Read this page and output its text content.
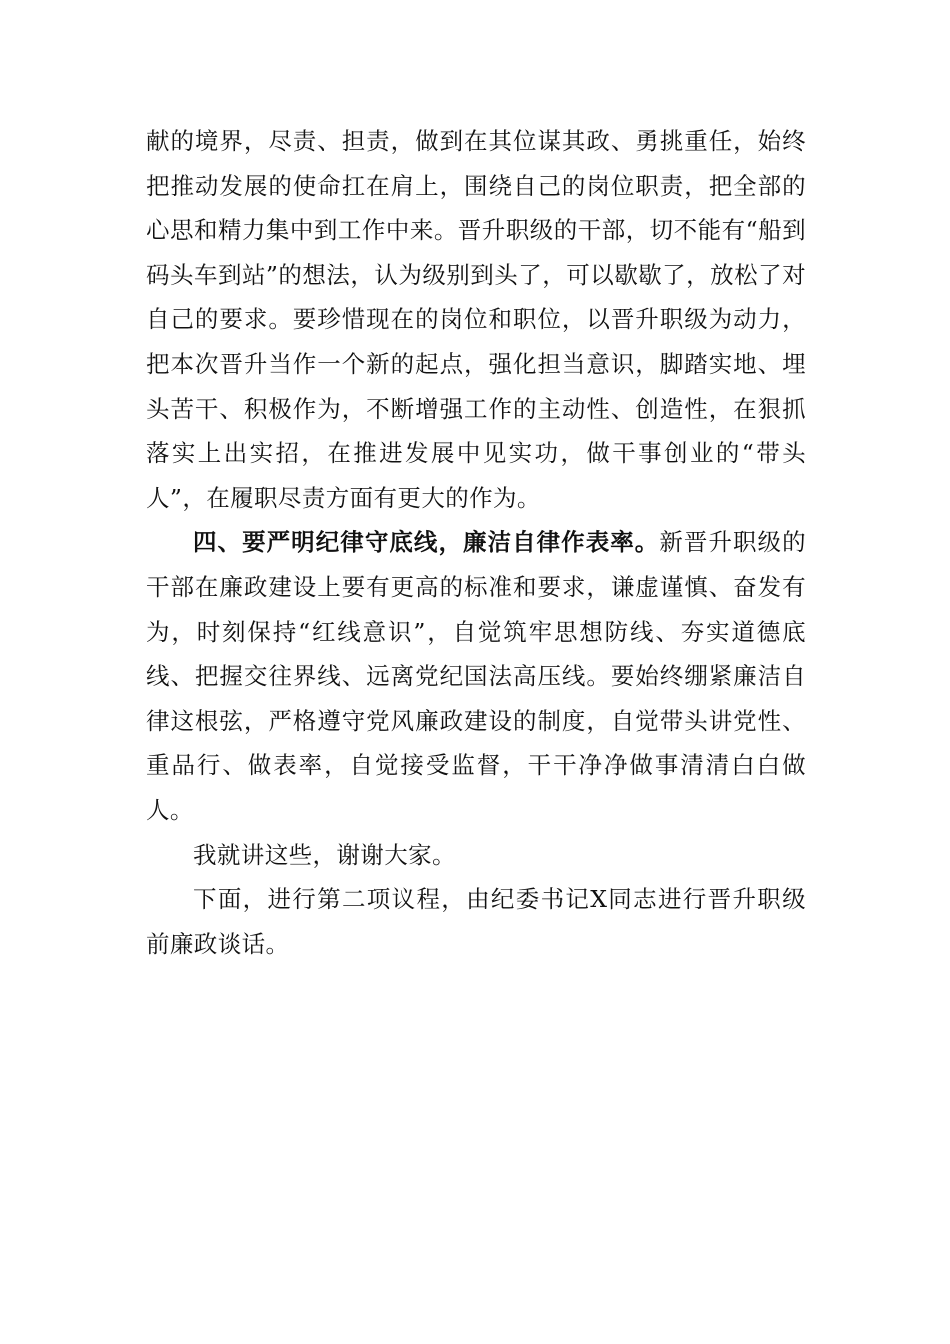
献的境界，尽责、担责，做到在其位谋其政、勇挑重任，始终把推动发展的使命扛在肩上，围绕自己的岗位职责，把全部的心思和精力集中到工作中来。晋升职级的干部，切不能有“船到码头车到站”的想法，认为级别到头了，可以歇歇了，放松了对自己的要求。要珍惜现在的岗位和职位，以晋升职级为动力，把本次晋升当作一个新的起点，强化担当意识，脚踏实地、埋头苦干、积极作为，不断增强工作的主动性、创造性，在狠抓落实上出实招，在推进发展中见实功，做干事创业的“带头人”，在履职尽责方面有更大的作为。

四、要严明纪律守底线，廉洁自律作表率。新晋升职级的干部在廉政建设上要有更高的标准和要求，谦虚谨慎、奋发有为，时刻保持“红线意识”，自觉筑牢思想防线、夯实道德底线、把握交往界线、远离党纪国法高压线。要始终绷紧廉洁自律这根弦，严格遵守党风廉政建设的制度，自觉带头讲党性、重品行、做表率，自觉接受监督，干干净净做事清清白白做人。

我就讲这些，谢谢大家。

下面，进行第二项议程，由纪委书记X同志进行晋升职级前廉政谈话。
